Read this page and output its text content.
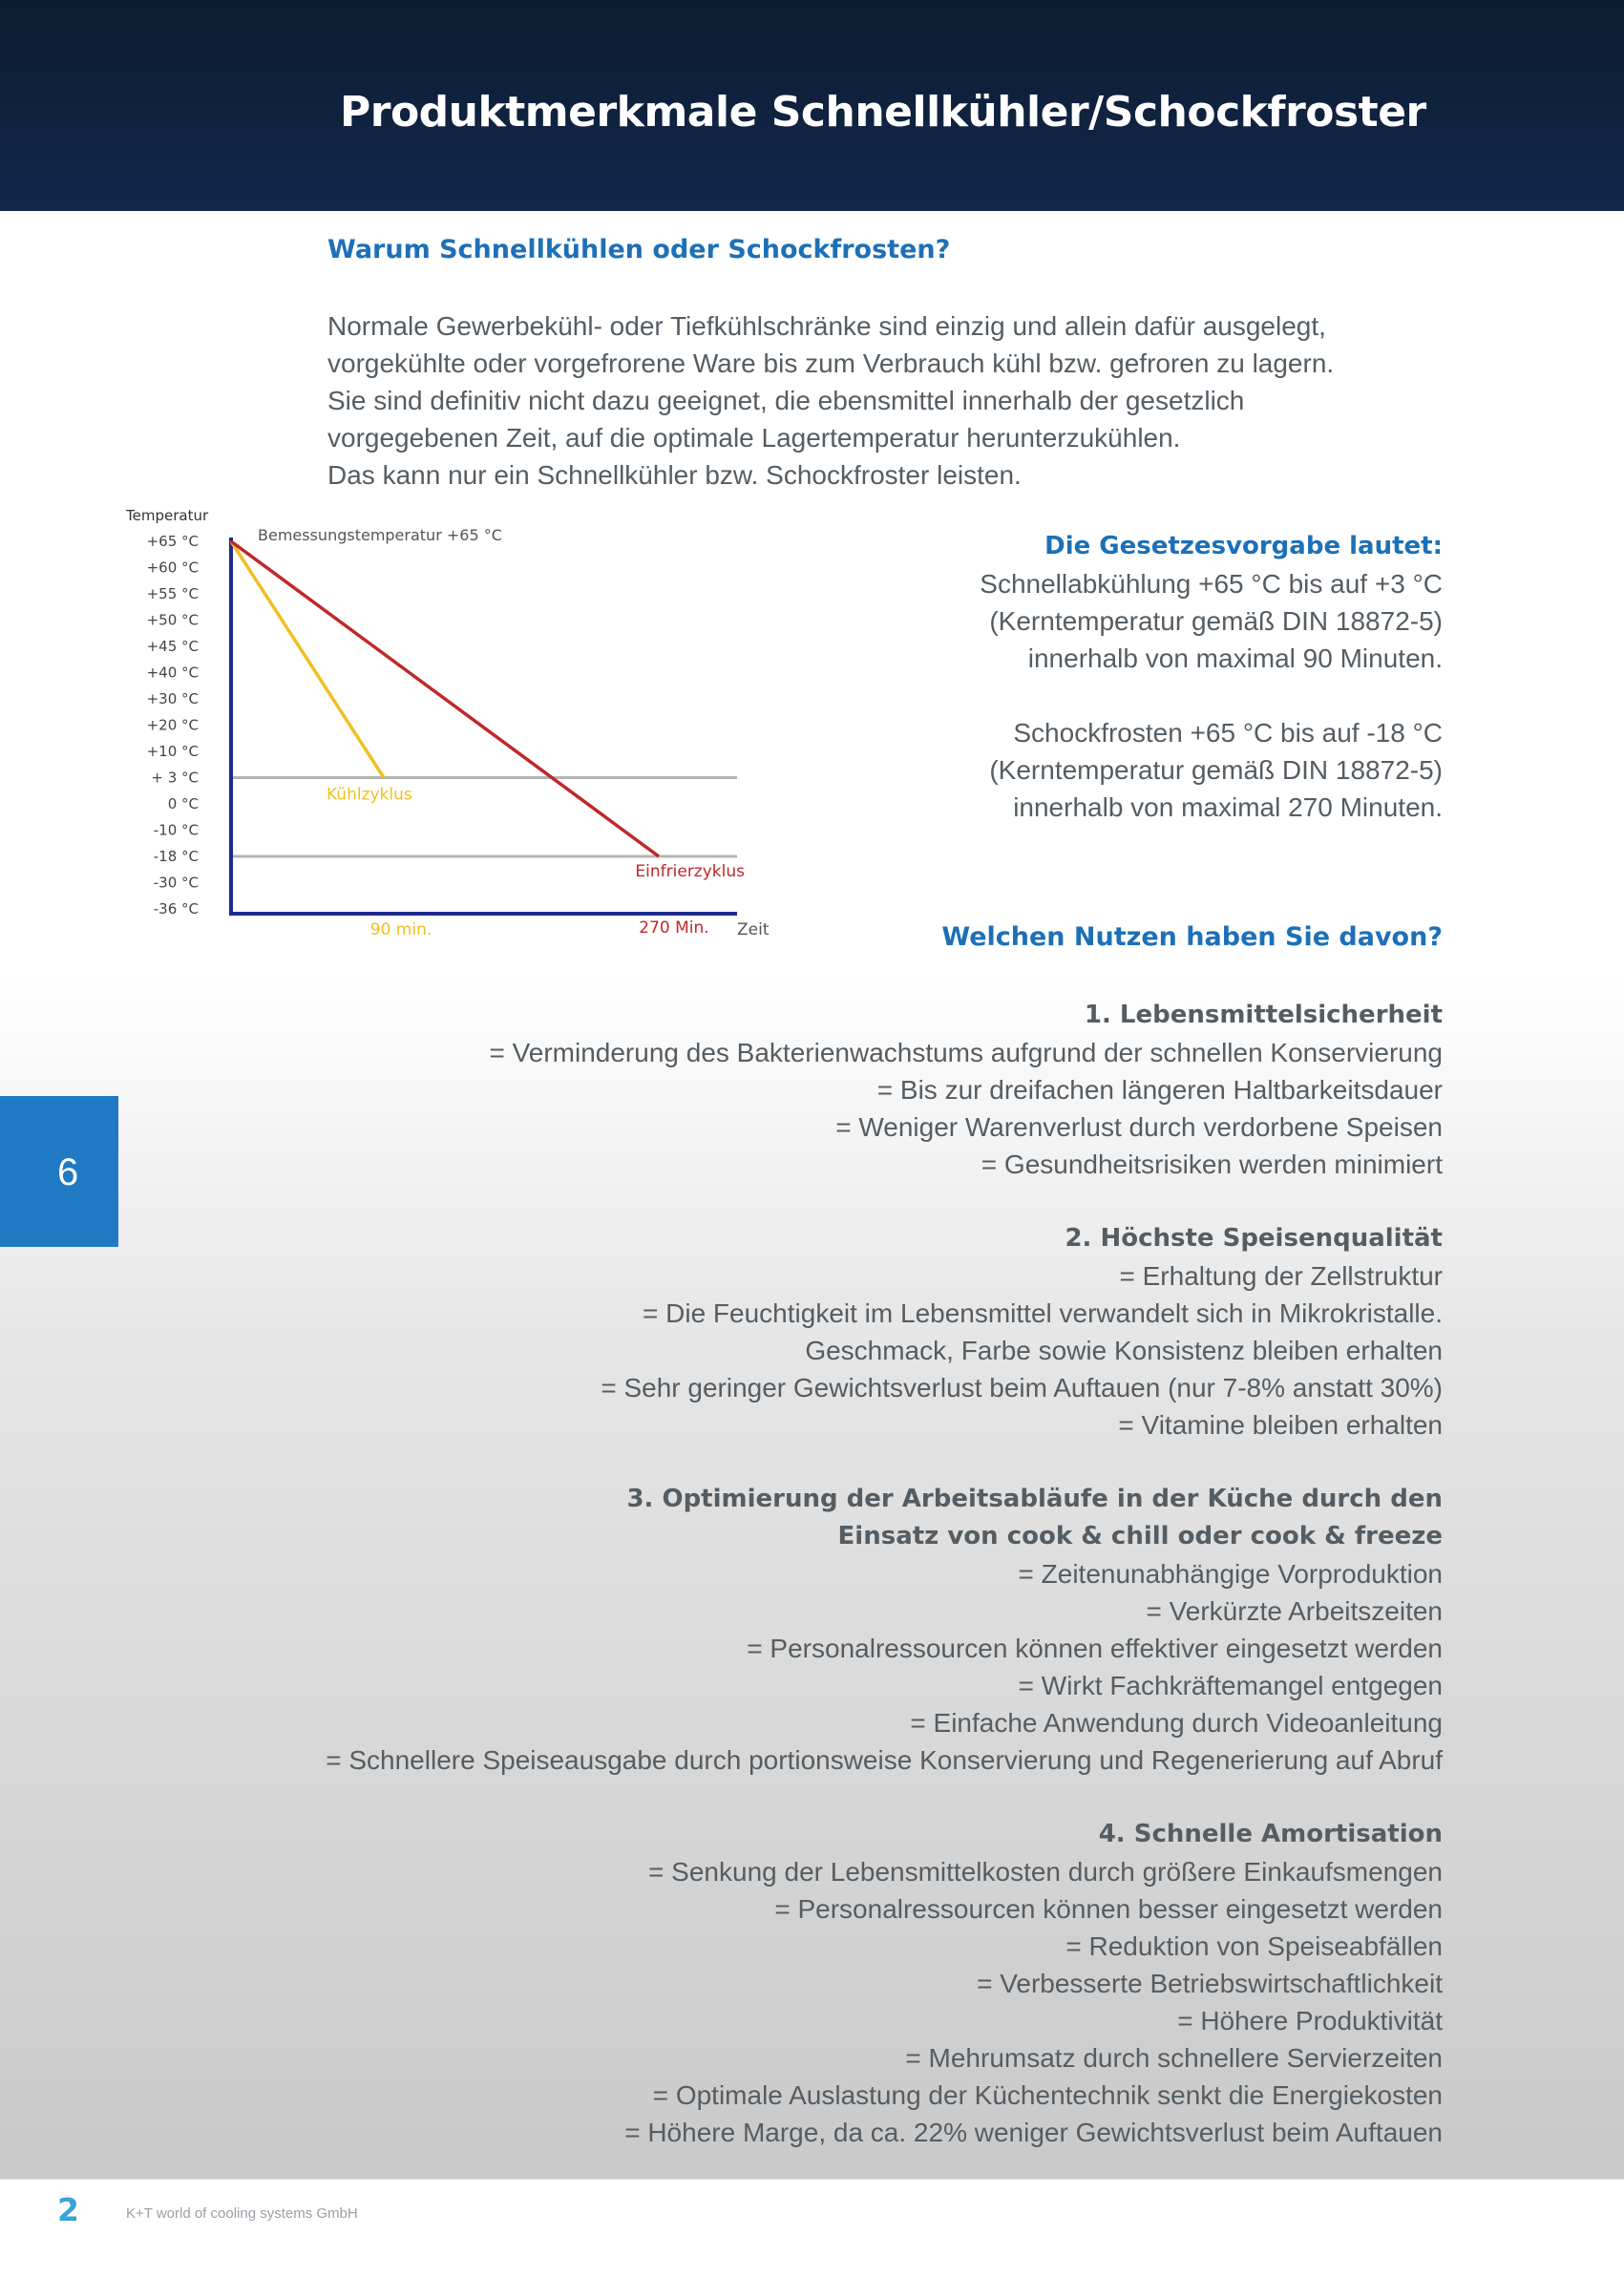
Produktmerkmale Schnellkühler/Schockfroster
Warum Schnellkühlen oder Schockfrosten?
Normale Gewerbekühl- oder Tiefkühlschränke sind einzig und allein dafür ausgelegt,
vorgekühlte oder vorgefrorene Ware bis zum Verbrauch kühl bzw. gefroren zu lagern.
Sie sind definitiv nicht dazu geeignet, die ebensmittel innerhalb der gesetzlich
vorgegebenen Zeit, auf die optimale Lagertemperatur herunterzukühlen.
Das kann nur ein Schnellkühler bzw. Schockfroster leisten.
Temperatur
+65 °C
+60 °C
+55 °C
+50 °C
+45 °C
+40 °C
+30 °C
+20 °C
+10 °C
+ 3 °C
0 °C
-10 °C
-18 °C
-30 °C
-36 °C
Kühlzyklus
Einfrierzyklus
Bemessungstemperatur +65 °C
90 min.	270 Min. Zeit
Die Gesetzesvorgabe lautet:
Schnellabkühlung +65 °C bis auf +3 °C
(Kerntemperatur gemäß DIN 18872-5)
innerhalb von maximal 90 Minuten.
Schockfrosten +65 °C bis auf -18 °C
(Kerntemperatur gemäß DIN 18872-5)
innerhalb von maximal 270 Minuten.
Welchen Nutzen haben Sie davon?
1. Lebensmittelsicherheit
= Verminderung des Bakterienwachstums aufgrund der schnellen Konservierung
= Bis zur dreifachen längeren Haltbarkeitsdauer
= Weniger Warenverlust durch verdorbene Speisen
= Gesundheitsrisiken werden minimiert
2. Höchste Speisenqualität
= Erhaltung der Zellstruktur
= Die Feuchtigkeit im Lebensmittel verwandelt sich in Mikrokristalle.
Geschmack, Farbe sowie Konsistenz bleiben erhalten
= Sehr geringer Gewichtsverlust beim Auftauen (nur 7-8% anstatt 30%)
= Vitamine bleiben erhalten
3. Optimierung der Arbeitsabläufe in der Küche durch den
Einsatz von cook & chill oder cook & freeze
= Zeitenunabhängige Vorproduktion
= Verkürzte Arbeitszeiten
= Personalressourcen können effektiver eingesetzt werden
= Wirkt Fachkräftemangel entgegen
= Einfache Anwendung durch Videoanleitung
= Schnellere Speiseausgabe durch portionsweise Konservierung und Regenerierung auf Abruf
4. Schnelle Amortisation
= Senkung der Lebensmittelkosten durch größere Einkaufsmengen
= Personalressourcen können besser eingesetzt werden
= Reduktion von Speiseabfällen
= Verbesserte Betriebswirtschaftlichkeit
= Höhere Produktivität
= Mehrumsatz durch schnellere Servierzeiten
= Optimale Auslastung der Küchentechnik senkt die Energiekosten
= Höhere Marge, da ca. 22% weniger Gewichtsverlust beim Auftauen
6
2	K+T world of cooling systems GmbH
